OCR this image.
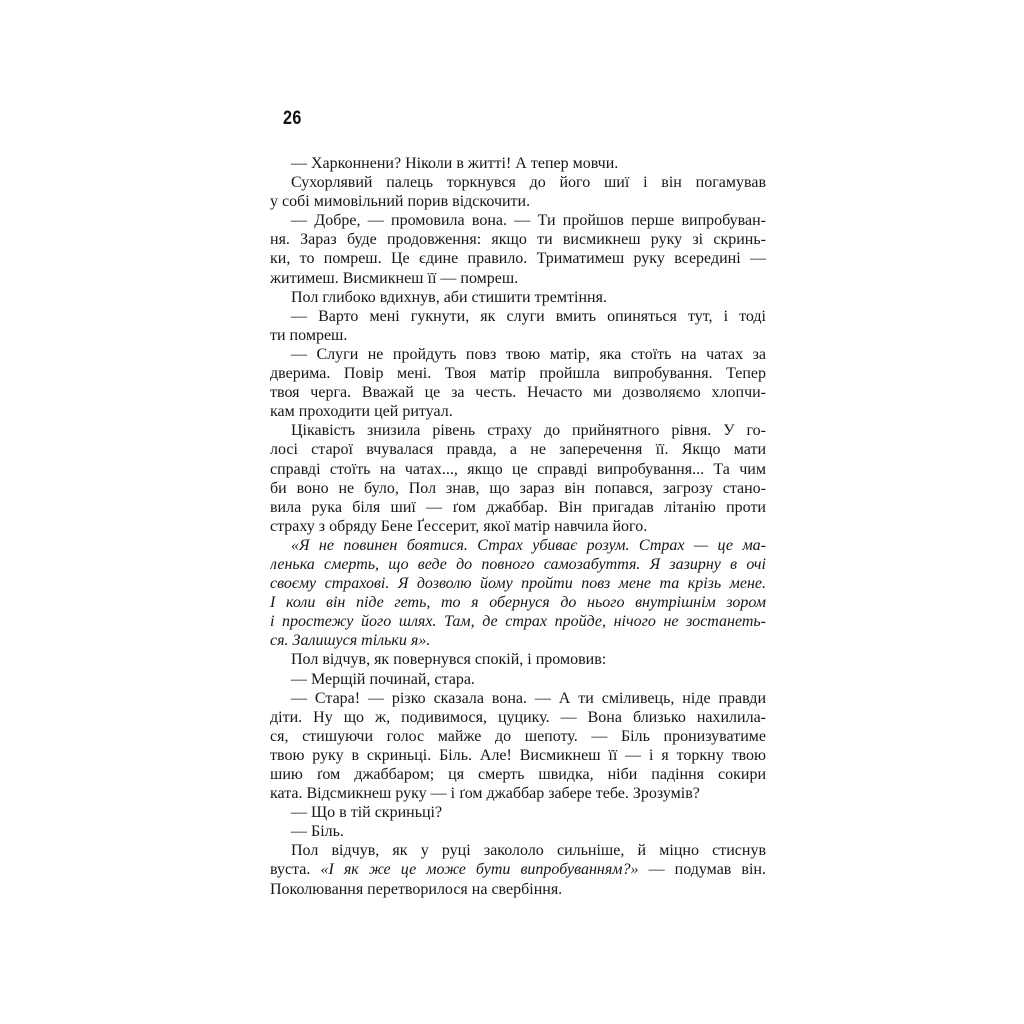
26
— Харконнени? Ніколи в житті! А тепер мовчи.
Сухорлявий палець торкнувся до його шиї і він погамував
у собі мимовільний порив відскочити.
— Добре, — промовила вона. — Ти пройшов перше випробуван-
ня. Зараз буде продовження: якщо ти висмикнеш руку зі скринь-
ки, то помреш. Це єдине правило. Триматимеш руку всередині —
житимеш. Висмикнеш її — помреш.
Пол глибоко вдихнув, аби стишити тремтіння.
— Варто мені гукнути, як слуги вмить опиняться тут, і тоді
ти помреш.
— Слуги не пройдуть повз твою матір, яка стоїть на чатах за
дверима. Повір мені. Твоя матір пройшла випробування. Тепер
твоя черга. Вважай це за честь. Нечасто ми дозволяємо хлопчи-
кам проходити цей ритуал.
Цікавість знизила рівень страху до прийнятного рівня. У го-
лосі старої вчувалася правда, а не заперечення її. Якщо мати
справді стоїть на чатах..., якщо це справді випробування... Та чим
би воно не було, Пол знав, що зараз він попався, загрозу стано-
вила рука біля шиї — ґом джаббар. Він пригадав літанію проти
страху з обряду Бене Ґессерит, якої матір навчила його.
«Я не повинен боятися. Страх убиває розум. Страх — це ма-
ленька смерть, що веде до повного самозабуття. Я зазирну в очі
своєму страхові. Я дозволю йому пройти повз мене та крізь мене.
І коли він піде геть, то я обернуся до нього внутрішнім зором
і простежу його шлях. Там, де страх пройде, нічого не зостанеть-
ся. Залишуся тільки я».
Пол відчув, як повернувся спокій, і промовив:
— Мерщій починай, стара.
— Стара! — різко сказала вона. — А ти сміливець, ніде правди
діти. Ну що ж, подивимося, цуцику. — Вона близько нахилила-
ся, стишуючи голос майже до шепоту. — Біль пронизуватиме
твою руку в скриньці. Біль. Але! Висмикнеш її — і я торкну твою
шию ґом джаббаром; ця смерть швидка, ніби падіння сокири
ката. Відсмикнеш руку — і ґом джаббар забере тебе. Зрозумів?
— Що в тій скриньці?
— Біль.
Пол відчув, як у руці закололо сильніше, й міцно стиснув
вуста. «І як же це може бути випробуванням?» — подумав він.
Поколювання перетворилося на свербіння.
